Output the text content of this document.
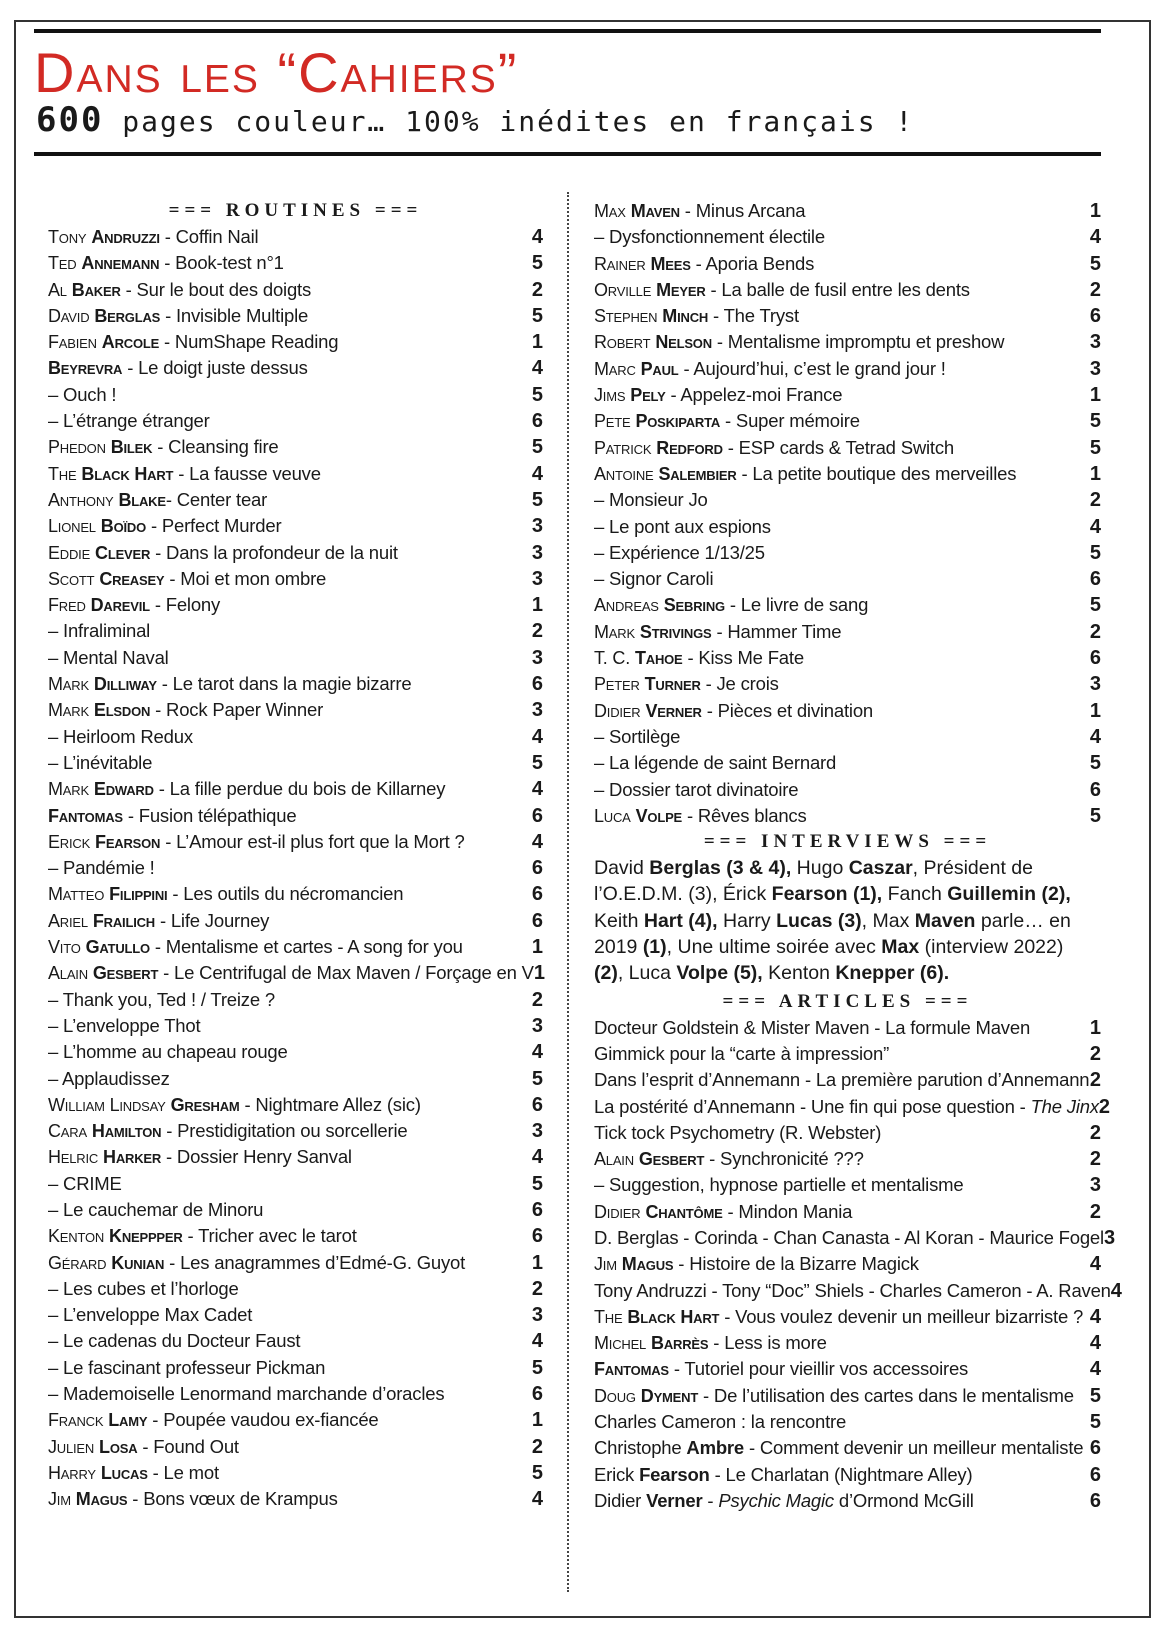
Dans les “Cahiers”
600 pages couleur… 100% inédites en français !
=== ROUTINES ===
Tony Andruzzi - Coffin Nail	4
Ted Annemann - Book-test n°1	5
Al Baker - Sur le bout des doigts	2
David Berglas - Invisible Multiple	5
Fabien Arcole - NumShape Reading	1
Beyrevra - Le doigt juste dessus	4
– Ouch !	5
– L’étrange étranger	6
Phedon Bilek - Cleansing fire	5
The Black Hart - La fausse veuve	4
Anthony Blake- Center tear	5
Lionel Boïdo - Perfect Murder	3
Eddie Clever - Dans la profondeur de la nuit	3
Scott Creasey - Moi et mon ombre	3
Fred Darevil - Felony	1
– Infraliminal	2
– Mental Naval	3
Mark Dilliway - Le tarot dans la magie bizarre	6
Mark Elsdon - Rock Paper Winner	3
– Heirloom Redux	4
– L’inévitable	5
Mark Edward - La fille perdue du bois de Killarney	4
Fantomas - Fusion télépathique	6
Erick Fearson - L’Amour est-il plus fort que la Mort ?	4
– Pandémie !	6
Matteo Filippini - Les outils du nécromancien	6
Ariel Frailich - Life Journey	6
Vito Gatullo - Mentalisme et cartes - A song for you	1
Alain Gesbert - Le Centrifugal de Max Maven / Forçage en V 1
– Thank you, Ted ! / Treize ?	2
– L’enveloppe Thot	3
– L’homme au chapeau rouge	4
– Applaudissez	5
William Lindsay Gresham - Nightmare Allez (sic)	6
Cara Hamilton - Prestidigitation ou sorcellerie	3
Helric Harker - Dossier Henry Sanval	4
– CRIME	5
– Le cauchemar de Minoru	6
Kenton Kneppper - Tricher avec le tarot	6
Gérard Kunian - Les anagrammes d’Edmé-G. Guyot	1
– Les cubes et l’horloge	2
– L’enveloppe Max Cadet	3
– Le cadenas du Docteur Faust	4
– Le fascinant professeur Pickman	5
– Mademoiselle Lenormand marchande d’oracles	6
Franck Lamy - Poupée vaudou ex-fiancée	1
Julien Losa - Found Out	2
Harry Lucas - Le mot	5
Jim Magus - Bons vœux de Krampus	4
Max Maven - Minus Arcana	1
– Dysfonctionnement électile	4
Rainer Mees - Aporia Bends	5
Orville Meyer - La balle de fusil entre les dents	2
Stephen Minch - The Tryst	6
Robert Nelson - Mentalisme impromptu et preshow	3
Marc Paul - Aujourd’hui, c’est le grand jour !	3
Jims Pely - Appelez-moi France	1
Pete Poskiparta - Super mémoire	5
Patrick Redford - ESP cards & Tetrad Switch	5
Antoine Salembier - La petite boutique des merveilles	1
– Monsieur Jo	2
– Le pont aux espions	4
– Expérience 1/13/25	5
– Signor Caroli	6
Andreas Sebring - Le livre de sang	5
Mark Strivings - Hammer Time	2
T. C. Tahoe - Kiss Me Fate	6
Peter Turner - Je crois	3
Didier Verner - Pièces et divination	1
– Sortilège	4
– La légende de saint Bernard	5
– Dossier tarot divinatoire	6
Luca Volpe - Rêves blancs	5
=== INTERVIEWS ===
David Berglas (3 & 4), Hugo Caszar, Président de l’O.E.D.M. (3), Érick Fearson (1), Fanch Guillemin (2), Keith Hart (4), Harry Lucas (3), Max Maven parle… en 2019 (1), Une ultime soirée avec Max (interview 2022) (2), Luca Volpe (5), Kenton Knepper (6).
=== ARTICLES ===
Docteur Goldstein & Mister Maven - La formule Maven	1
Gimmick pour la “carte à impression”	2
Dans l’esprit d’Annemann - La première parution d’Annemann 2
La postérité d’Annemann - Une fin qui pose question - The Jinx 2
Tick tock Psychometry (R. Webster)	2
Alain Gesbert - Synchronicité ???	2
– Suggestion, hypnose partielle et mentalisme	3
Didier Chantôme - Mindon Mania	2
D. Berglas - Corinda - Chan Canasta - Al Koran - Maurice Fogel 3
Jim Magus - Histoire de la Bizarre Magick	4
Tony Andruzzi - Tony “Doc” Shiels - Charles Cameron - A. Raven 4
The Black Hart - Vous voulez devenir un meilleur bizarriste ? 4
Michel Barrès - Less is more	4
Fantomas - Tutoriel pour vieillir vos accessoires	4
Doug Dyment - De l’utilisation des cartes dans le mentalisme 5
Charles Cameron : la rencontre	5
Christophe Ambre - Comment devenir un meilleur mentaliste 6
Erick Fearson - Le Charlatan (Nightmare Alley)	6
Didier Verner - Psychic Magic d’Ormond McGill	6
